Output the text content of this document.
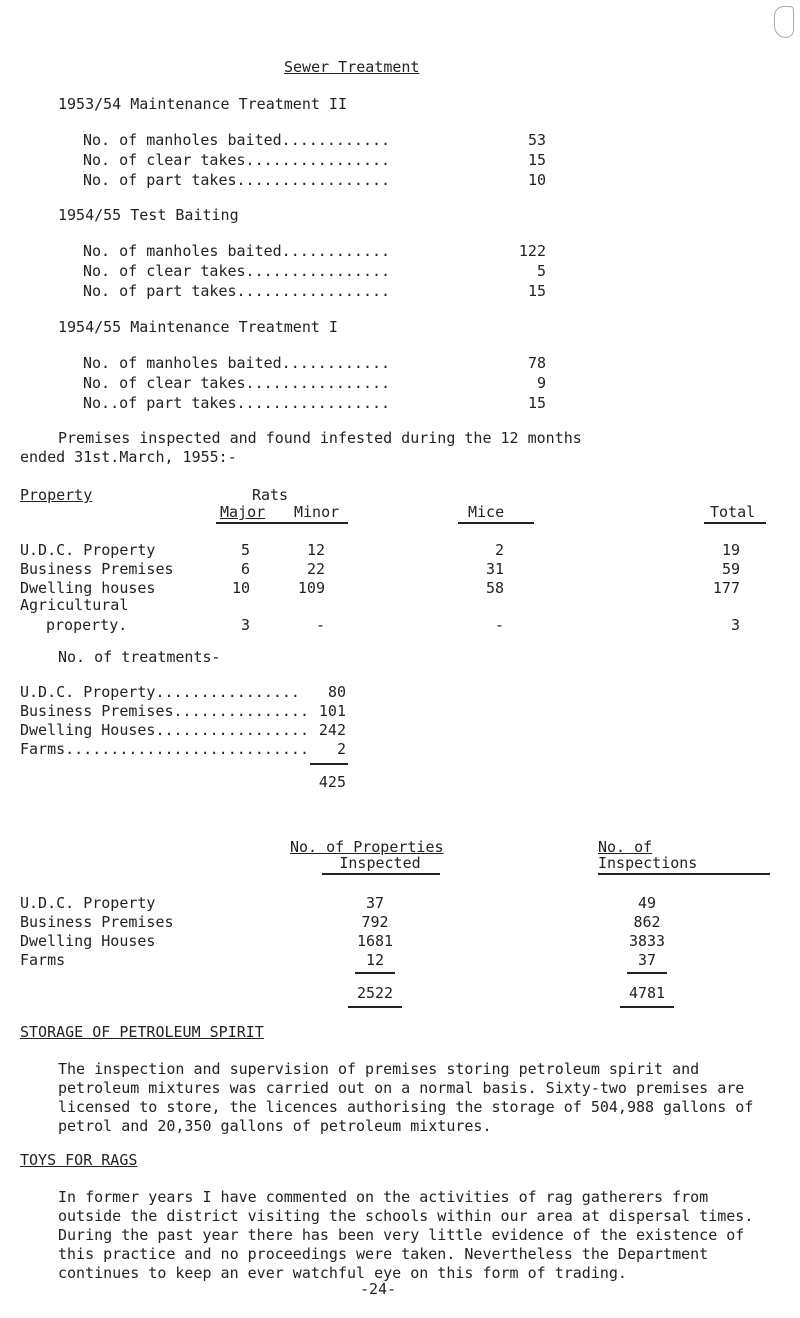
Sewer Treatment
1953/54 Maintenance Treatment II
No. of manholes baited............	53
No. of clear takes................	15
No. of part takes.................	10
1954/55 Test Baiting
No. of manholes baited............	122
No. of clear takes................	5
No. of part takes.................	15
1954/55 Maintenance Treatment I
No. of manholes baited............	78
No. of clear takes................	9
No..of part takes.................	15
Premises inspected and found infested during the 12 months
ended 31st.March, 1955:-
Property	Rats
Major Minor	Mice	Total
U.D.C. Property	5	12	2	19
Business Premises	6	22	31	59
Dwelling houses	10	109	58	177
Agricultural
property.	3	-	-	3
No. of treatments-
U.D.C. Property................	80
Business Premises............... 101
Dwelling Houses................. 242
Farms...........................	2
425
No. of Properties
Inspected
No. of
Inspections
U.D.C. Property	37	49
Business Premises	792	862
Dwelling Houses	1681	3833
Farms	12	37
2522	4781
STORAGE OF PETROLEUM SPIRIT
The inspection and supervision of premises storing petroleum spirit and petroleum mixtures was carried out on a normal basis. Sixty-two premises are licensed to store, the licences authorising the storage of 504,988 gallons of petrol and 20,350 gallons of petroleum mixtures.
TOYS FOR RAGS
In former years I have commented on the activities of rag gatherers from outside the district visiting the schools within our area at dispersal times. During the past year there has been very little evidence of the existence of this practice and no proceedings were taken. Nevertheless the Department continues to keep an ever watchful eye on this form of trading.
-24-
